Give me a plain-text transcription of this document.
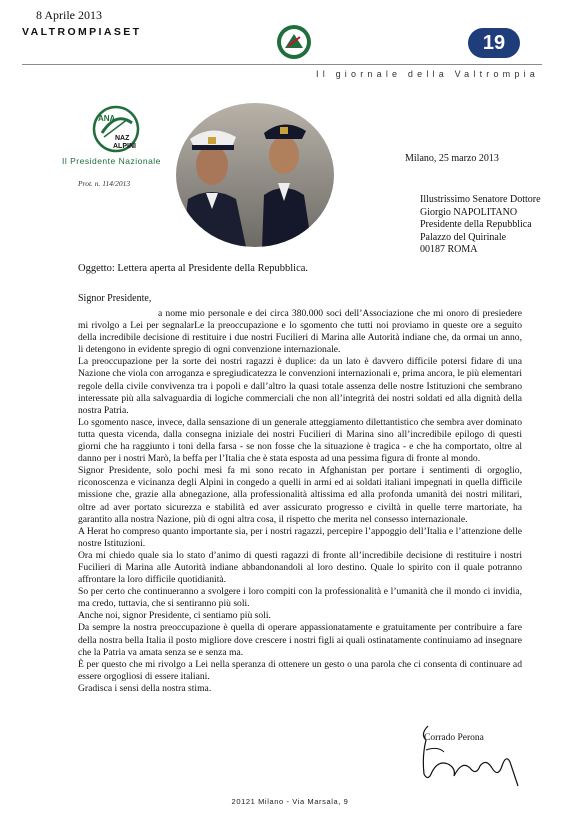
8 Aprile 2013
VALTROMPIASET	19
Il giornale della Valtrompia
ANA
NAZ
ALPINI
Il Presidente Nazionale
Prot. n. 114/2013
Milano, 25 marzo 2013
Illustrissimo Senatore Dottore
Giorgio NAPOLITANO
Presidente della Repubblica
Palazzo del Quirinale
00187 ROMA
Oggetto: Lettera aperta al Presidente della Repubblica.
Signor Presidente,

a nome mio personale e dei circa 380.000 soci dell’Associazione che mi onoro di presiedere mi rivolgo a Lei per segnalarLe la preoccupazione e lo sgomento che tutti noi proviamo in queste ore a seguito della incredibile decisione di restituire i due nostri Fucilieri di Marina alle Autorità indiane che, da ormai un anno, li detengono in evidente spregio di ogni convenzione internazionale.

La preoccupazione per la sorte dei nostri ragazzi è duplice: da un lato è davvero difficile potersi fidare di una Nazione che viola con arroganza e spregiudicatezza le convenzioni internazionali e, prima ancora, le più elementari regole della civile convivenza tra i popoli e dall’altro la quasi totale assenza delle nostre Istituzioni che sembrano interessate più alla salvaguardia di logiche commerciali che non all’integrità dei nostri soldati ed alla dignità della nostra Patria.

Lo sgomento nasce, invece, dalla sensazione di un generale atteggiamento dilettantistico che sembra aver dominato tutta questa vicenda, dalla consegna iniziale dei nostri Fucilieri di Marina sino all’incredibile epilogo di questi giorni che ha raggiunto i toni della farsa - se non fosse che la situazione è tragica - e che ha comportato, oltre al danno per i nostri Marò, la beffa per l’Italia che è stata esposta ad una pessima figura di fronte al mondo.

Signor Presidente, solo pochi mesi fa mi sono recato in Afghanistan per portare i sentimenti di orgoglio, riconoscenza e vicinanza degli Alpini in congedo a quelli in armi ed ai soldati italiani impegnati in quella difficile missione che, grazie alla abnegazione, alla professionalità altissima ed alla profonda umanità dei nostri militari, oltre ad aver portato sicurezza e stabilità ed aver assicurato progresso e civiltà in quelle terre martoriate, ha garantito alla nostra Nazione, più di ogni altra cosa, il rispetto che merita nel consesso internazionale.

A Herat ho compreso quanto importante sia, per i nostri ragazzi, percepire l’appoggio dell’Italia e l’attenzione delle nostre Istituzioni.

Ora mi chiedo quale sia lo stato d’animo di questi ragazzi di fronte all’incredibile decisione di restituire i nostri Fucilieri di Marina alle Autorità indiane abbandonandoli al loro destino. Quale lo spirito con il quale potranno affrontare la loro difficile quotidianità.

So per certo che continueranno a svolgere i loro compiti con la professionalità e l’umanità che il mondo ci invidia, ma credo, tuttavia, che si sentiranno più soli.

Anche noi, signor Presidente, ci sentiamo più soli.

Da sempre la nostra preoccupazione è quella di operare appassionatamente e gratuitamente per contribuire a fare della nostra bella Italia il posto migliore dove crescere i nostri figli ai quali ostinatamente continuiamo ad insegnare che la Patria va amata senza se e senza ma.

È per questo che mi rivolgo a Lei nella speranza di ottenere un gesto o una parola che ci consenta di continuare ad essere orgogliosi di essere italiani.

Gradisca i sensi della nostra stima.

Corrado Perona
20121 Milano - Via Marsala, 9
